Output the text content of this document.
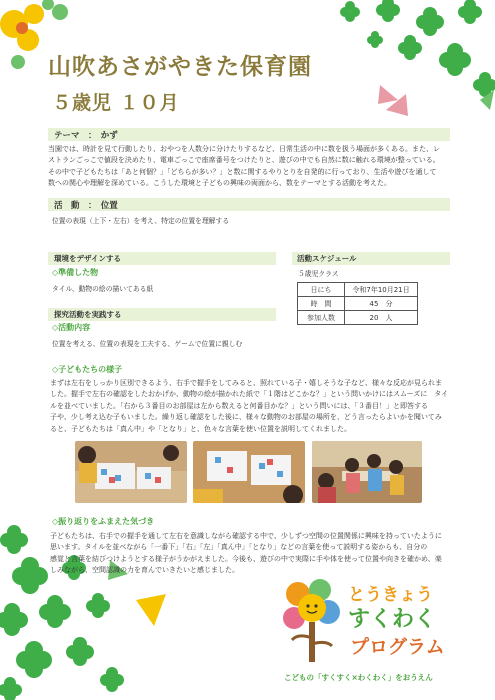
山吹あさがやきた保育園
５歳児 １０月
テーマ　：　かず

当園では、時計を見て行動したり、おやつを人数分に分けたりするなど、日常生活の中に数を扱う場面が多くある。また、レ

ストランごっこで値段を決めたり、電車ごっこで座席番号をつけたりと、遊びの中でも自然に数に触れる環境が整っている。

その中で子どもたちは「あと何個？」「どちらが多い？」と数に関するやりとりを自発的に行っており、生活や遊びを通して

数への関心や理解を深めている。こうした環境と子どもの興味の両面から、数をテーマとする活動を考えた。

活　動　：　位置
位置の表現（上下・左右）を考え、特定の位置を理解する
環境をデザインする
◇準備した物
タイル、動物の絵の描いてある紙
探究活動を実践する
◇活動内容
位置を考える、位置の表現を工夫する、ゲームで位置に親しむ
活動スケジュール
５歳児クラス
日にち	令和7年10月21日
時　間	45　分
参加人数	20　人
◇子どもたちの様子

まずは左右をしっかり区別できるよう、右手で握手をしてみると、照れている子・嬉しそうな子など、様々な反応が見られま

した。握手で左右の確認をしたおかげか、動物の絵が描かれた紙で「１階はどこかな？」という問いかけにはスムーズに　タイ

ルを並べていました。「右から３番目のお部屋は左から数えると何番目かな？」という問いには、「３番目！」と即答する

子や、少し考え込む子もいました。繰り返し確認をした後に、様々な動物のお部屋の場所を、どう言ったらよいかを聞いてみ

ると、子どもたちは「真ん中」や「となり」と、色々な言葉を使い位置を説明してくれました。

◇振り返りをふまえた気づき

子どもたちは、右手での握手を通して左右を意識しながら確認する中で、少しずつ空間の位置関係に興味を持っていたように

思います。タイルを並べながら「一番下」「右」「左」「真ん中」「となり」などの言葉を使って説明する姿からも、自分の

感覚と言葉を結びつけようとする様子がうかがえました。今後も、遊びの中で実際に手や体を使って位置や向きを確かめ、楽

しみながら、空間認識の力を育んでいきたいと感じました。

とうきょう
すくわく
プログラム
こどもの「すくすく×わくわく」をおうえん
